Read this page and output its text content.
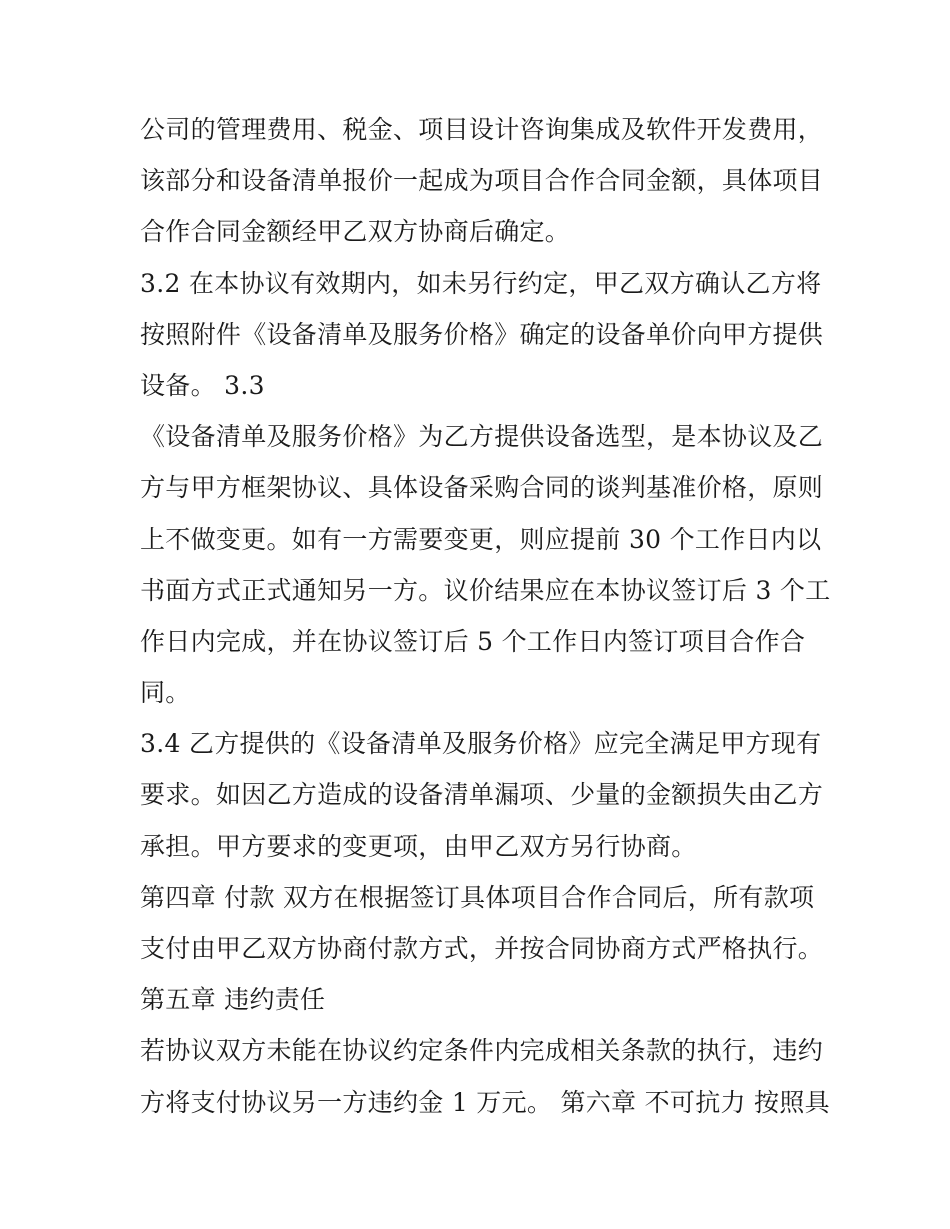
公司的管理费用、税金、项目设计咨询集成及软件开发费用，
该部分和设备清单报价一起成为项目合作合同金额，具体项目
合作合同金额经甲乙双方协商后确定。
3.2 在本协议有效期内，如未另行约定，甲乙双方确认乙方将
按照附件《设备清单及服务价格》确定的设备单价向甲方提供
设备。 3.3
《设备清单及服务价格》为乙方提供设备选型，是本协议及乙
方与甲方框架协议、具体设备采购合同的谈判基准价格，原则
上不做变更。如有一方需要变更，则应提前 30 个工作日内以
书面方式正式通知另一方。议价结果应在本协议签订后 3 个工
作日内完成，并在协议签订后 5 个工作日内签订项目合作合
同。
3.4 乙方提供的《设备清单及服务价格》应完全满足甲方现有
要求。如因乙方造成的设备清单漏项、少量的金额损失由乙方
承担。甲方要求的变更项，由甲乙双方另行协商。
第四章 付款 双方在根据签订具体项目合作合同后，所有款项
支付由甲乙双方协商付款方式，并按合同协商方式严格执行。
第五章 违约责任
若协议双方未能在协议约定条件内完成相关条款的执行，违约
方将支付协议另一方违约金 1 万元。 第六章 不可抗力 按照具
